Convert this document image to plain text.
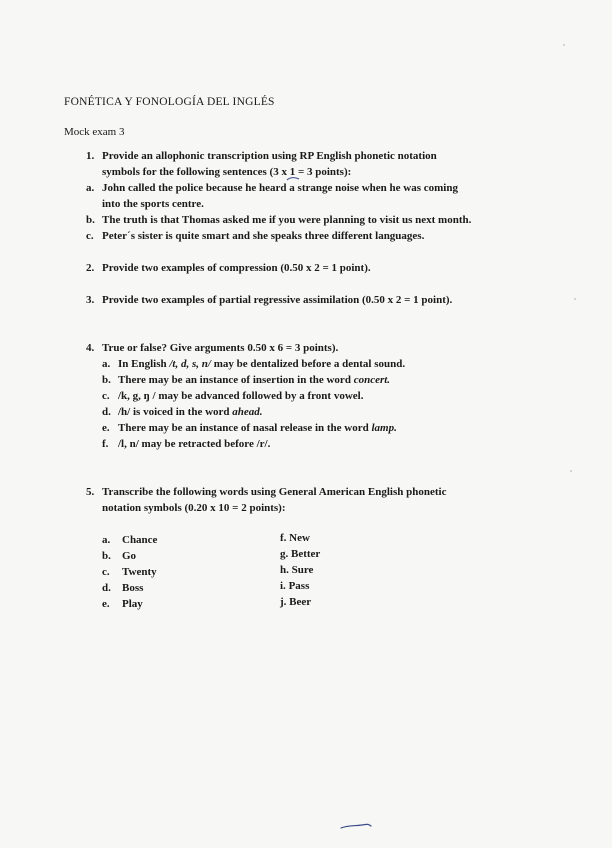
FONÉTICA Y FONOLOGÍA DEL INGLÉS
Mock exam 3
1. Provide an allophonic transcription using RP English phonetic notation
symbols for the following sentences (3 x 1 = 3 points):
a. John called the police because he heard a strange noise when he was coming
into the sports centre.
b. The truth is that Thomas asked me if you were planning to visit us next month.
c. Peter´s sister is quite smart and she speaks three different languages.
2. Provide two examples of compression (0.50 x 2 = 1 point).
3. Provide two examples of partial regressive assimilation (0.50 x 2 = 1 point).
4. True or false? Give arguments 0.50 x 6 = 3 points).
a. In English /t, d, s, n/ may be dentalized before a dental sound.
b. There may be an instance of insertion in the word concert.
c. /k, g, ŋ / may be advanced followed by a front vowel.
d. /h/ is voiced in the word ahead.
e. There may be an instance of nasal release in the word lamp.
f. /l, n/ may be retracted before /r/.
5. Transcribe the following words using General American English phonetic
notation symbols (0.20 x 10 = 2 points):
a. Chance
b. Go
c. Twenty
d. Boss
e. Play
f. New
g. Better
h. Sure
i. Pass
j. Beer
